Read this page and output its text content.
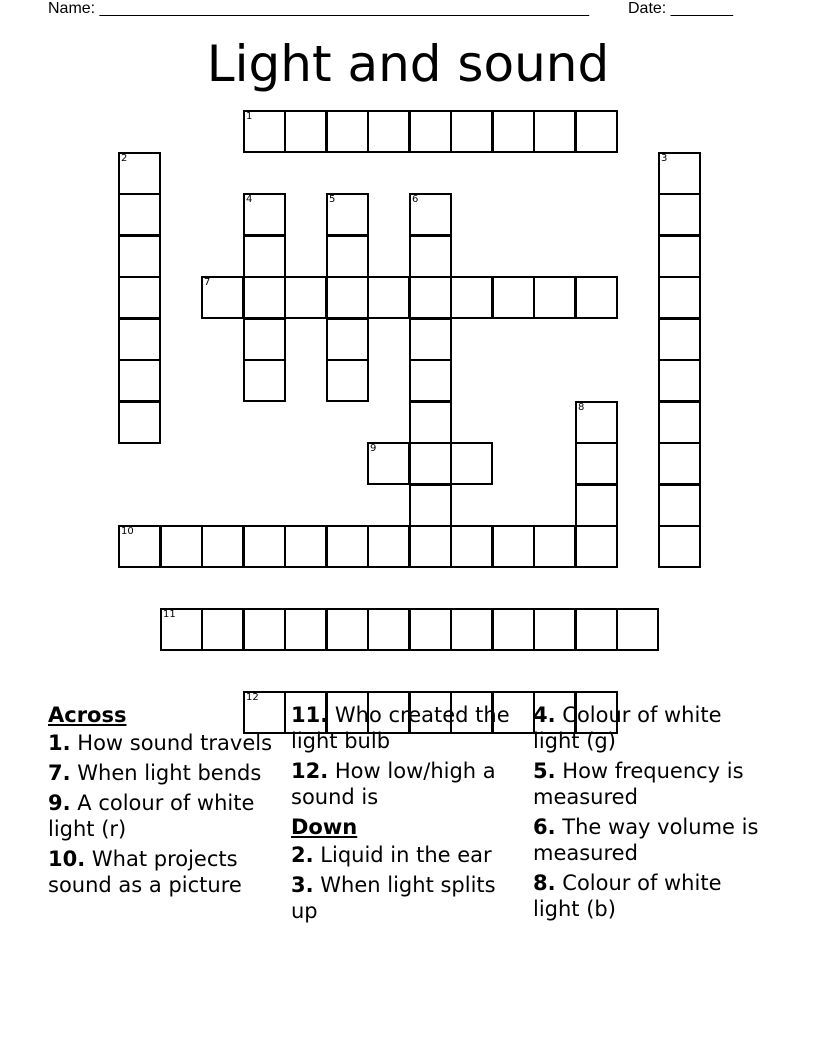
Name: _______________________________________________________ Date: _______
Light and sound
1
2	3
4	5	6
7
8
9
10
11
12
Across
1. How sound travels
7. When light bends
9. A colour of white light (r)
10. What projects sound as a picture
11. Who created the light bulb
12. How low/high a sound is
Down
2. Liquid in the ear
3. When light splits up
4. Colour of white light (g)
5. How frequency is measured
6. The way volume is measured
8. Colour of white light (b)
